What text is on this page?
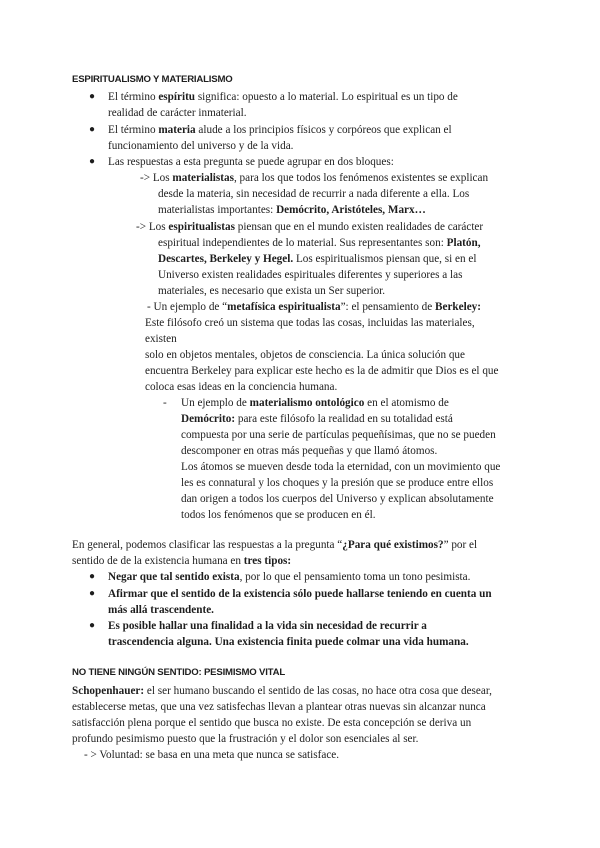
ESPIRITUALISMO Y MATERIALISMO
● El término espíritu significa: opuesto a lo material. Lo espiritual es un tipo de
realidad de carácter inmaterial.
● El término materia alude a los principios físicos y corpóreos que explican el
funcionamiento del universo y de la vida.
● Las respuestas a esta pregunta se puede agrupar en dos bloques:
-> Los materialistas, para los que todos los fenómenos existentes se explican
desde la materia, sin necesidad de recurrir a nada diferente a ella. Los
materialistas importantes: Demócrito, Aristóteles, Marx…
-> Los espiritualistas piensan que en el mundo existen realidades de carácter
espiritual independientes de lo material. Sus representantes son: Platón,
Descartes, Berkeley y Hegel. Los espiritualismos piensan que, si en el
Universo existen realidades espirituales diferentes y superiores a las
materiales, es necesario que exista un Ser superior.
- Un ejemplo de “metafísica espiritualista”: el pensamiento de Berkeley:
Este filósofo creó un sistema que todas las cosas, incluidas las materiales,
existen
solo en objetos mentales, objetos de consciencia. La única solución que
encuentra Berkeley para explicar este hecho es la de admitir que Dios es el que
coloca esas ideas en la conciencia humana.
- Un ejemplo de materialismo ontológico en el atomismo de
Demócrito: para este filósofo la realidad en su totalidad está
compuesta por una serie de partículas pequeñísimas, que no se pueden
descomponer en otras más pequeñas y que llamó átomos.
Los átomos se mueven desde toda la eternidad, con un movimiento que
les es connatural y los choques y la presión que se produce entre ellos
dan origen a todos los cuerpos del Universo y explican absolutamente
todos los fenómenos que se producen en él.
En general, podemos clasificar las respuestas a la pregunta “¿Para qué existimos?” por el
sentido de de la existencia humana en tres tipos:
● Negar que tal sentido exista, por lo que el pensamiento toma un tono pesimista.
● Afirmar que el sentido de la existencia sólo puede hallarse teniendo en cuenta un
más allá trascendente.
● Es posible hallar una finalidad a la vida sin necesidad de recurrir a
trascendencia alguna. Una existencia finita puede colmar una vida humana.
NO TIENE NINGÚN SENTIDO: PESIMISMO VITAL
Schopenhauer: el ser humano buscando el sentido de las cosas, no hace otra cosa que desear,
establecerse metas, que una vez satisfechas llevan a plantear otras nuevas sin alcanzar nunca
satisfacción plena porque el sentido que busca no existe. De esta concepción se deriva un
profundo pesimismo puesto que la frustración y el dolor son esenciales al ser.
- > Voluntad: se basa en una meta que nunca se satisface.
